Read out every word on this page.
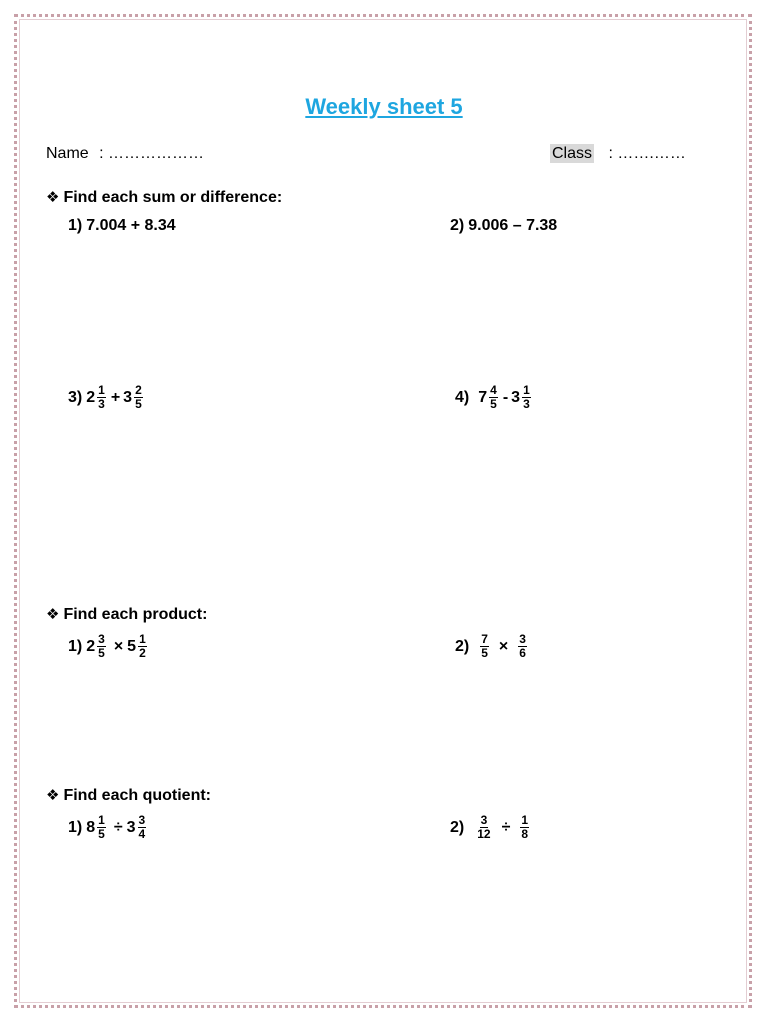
Weekly sheet 5
Name : ………………	Class : …….……
❖ Find each sum or difference:
1) 7.004 + 8.34	2) 9.006 – 7.38
3) $2 \frac{1}{3} + 3 \frac{2}{5}$	4) $7 \frac{4}{5} - 3 \frac{1}{3}$
❖ Find each product:
1) $2 \frac{3}{5} \times 5 \frac{1}{2}$	$2) \frac{7}{5} \times \frac{3}{6}$
❖ Find each quotient:
1) $8 \frac{1}{5} \div 3 \frac{3}{4}$	$2) \frac{3}{12} \div \frac{1}{8}$
